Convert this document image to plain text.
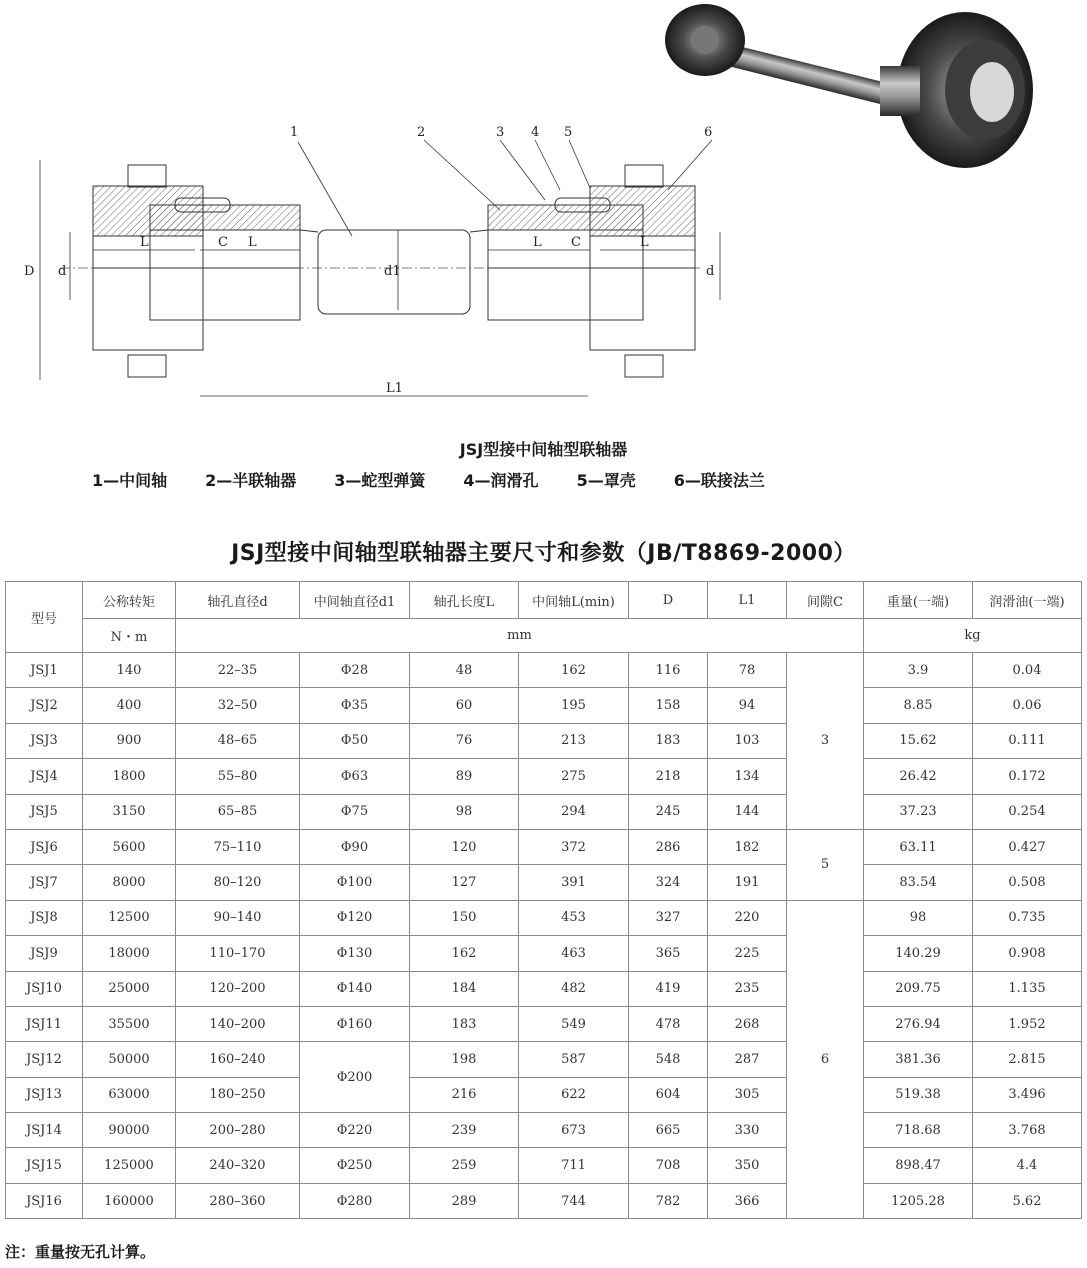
1	2	3 4 5	6
L	C L	L C	L
D d	d
d1
L1
JSJ型接中间轴型联轴器
1—中间轴 2—半联轴器 3—蛇型弹簧 4—润滑孔 5—罩壳 6—联接法兰
JSJ型接中间轴型联轴器主要尺寸和参数（JB/T8869-2000）
型号	公称转矩	轴孔直径d	中间轴直径d1	轴孔长度L	中间轴L(min)	D	L1	间隙C	重量(一端)	润滑油(一端)
	N・m	mm							kg	
JSJ1	140	22–35	Φ28	48	162	116	78	3	3.9	0.04
JSJ2	400	32–50	Φ35	60	195	158	94		8.85	0.06
JSJ3	900	48–65	Φ50	76	213	183	103		15.62	0.111
JSJ4	1800	55–80	Φ63	89	275	218	134		26.42	0.172
JSJ5	3150	65–85	Φ75	98	294	245	144		37.23	0.254
JSJ6	5600	75–110	Φ90	120	372	286	182	5	63.11	0.427
JSJ7	8000	80–120	Φ100	127	391	324	191		83.54	0.508
JSJ8	12500	90–140	Φ120	150	453	327	220	6	98	0.735
JSJ9	18000	110–170	Φ130	162	463	365	225		140.29	0.908
JSJ10	25000	120–200	Φ140	184	482	419	235		209.75	1.135
JSJ11	35500	140–200	Φ160	183	549	478	268		276.94	1.952
JSJ12	50000	160–240	Φ200	198	587	548	287		381.36	2.815
JSJ13	63000	180–250		216	622	604	305		519.38	3.496
JSJ14	90000	200–280	Φ220	239	673	665	330		718.68	3.768
JSJ15	125000	240–320	Φ250	259	711	708	350		898.47	4.4
JSJ16	160000	280–360	Φ280	289	744	782	366		1205.28	5.62
注：重量按无孔计算。
